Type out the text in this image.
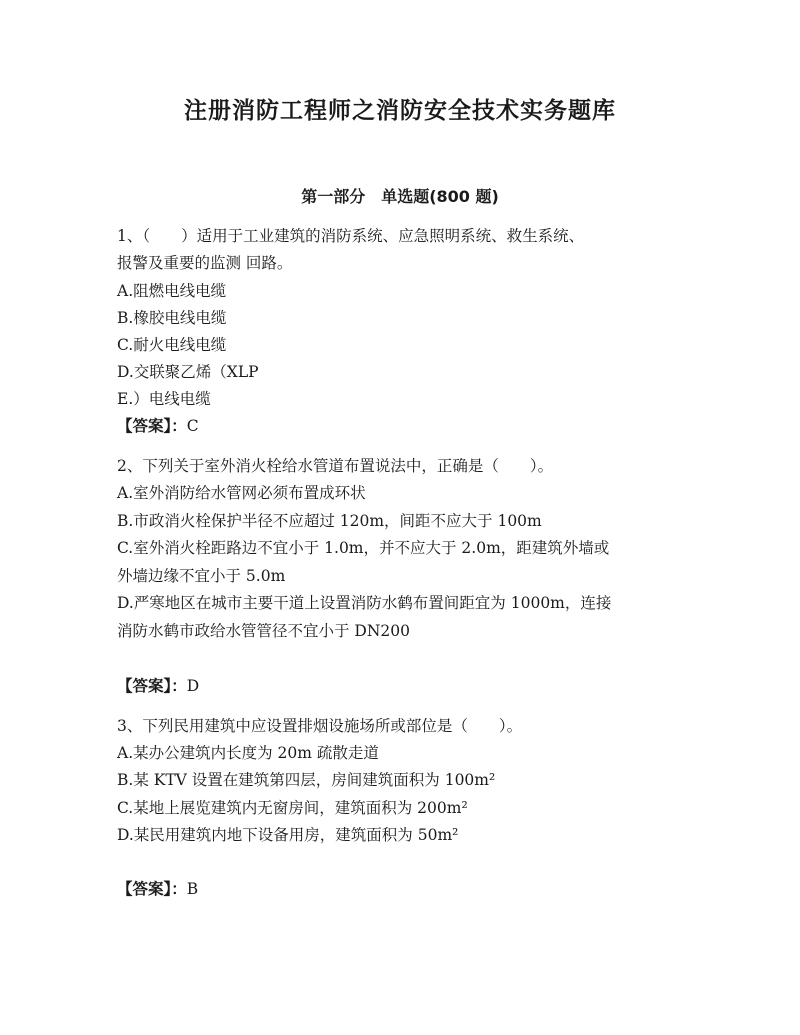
注册消防工程师之消防安全技术实务题库
第一部分　单选题(800 题)
1、（　　）适用于工业建筑的消防系统、应急照明系统、救生系统、
报警及重要的监测 回路。
A.阻燃电线电缆
B.橡胶电线电缆
C.耐火电线电缆
D.交联聚乙烯（XLP
E.）电线电缆
【答案】：C
2、下列关于室外消火栓给水管道布置说法中，正确是（　　）。
A.室外消防给水管网必须布置成环状
B.市政消火栓保护半径不应超过 120m，间距不应大于 100m
C.室外消火栓距路边不宜小于 1.0m，并不应大于 2.0m，距建筑外墙或
外墙边缘不宜小于 5.0m
D.严寒地区在城市主要干道上设置消防水鹤布置间距宜为 1000m，连接
消防水鹤市政给水管管径不宜小于 DN200
【答案】：D
3、下列民用建筑中应设置排烟设施场所或部位是（　　）。
A.某办公建筑内长度为 20m 疏散走道
B.某 KTV 设置在建筑第四层，房间建筑面积为 100m²
C.某地上展览建筑内无窗房间，建筑面积为 200m²
D.某民用建筑内地下设备用房，建筑面积为 50m²
【答案】：B
